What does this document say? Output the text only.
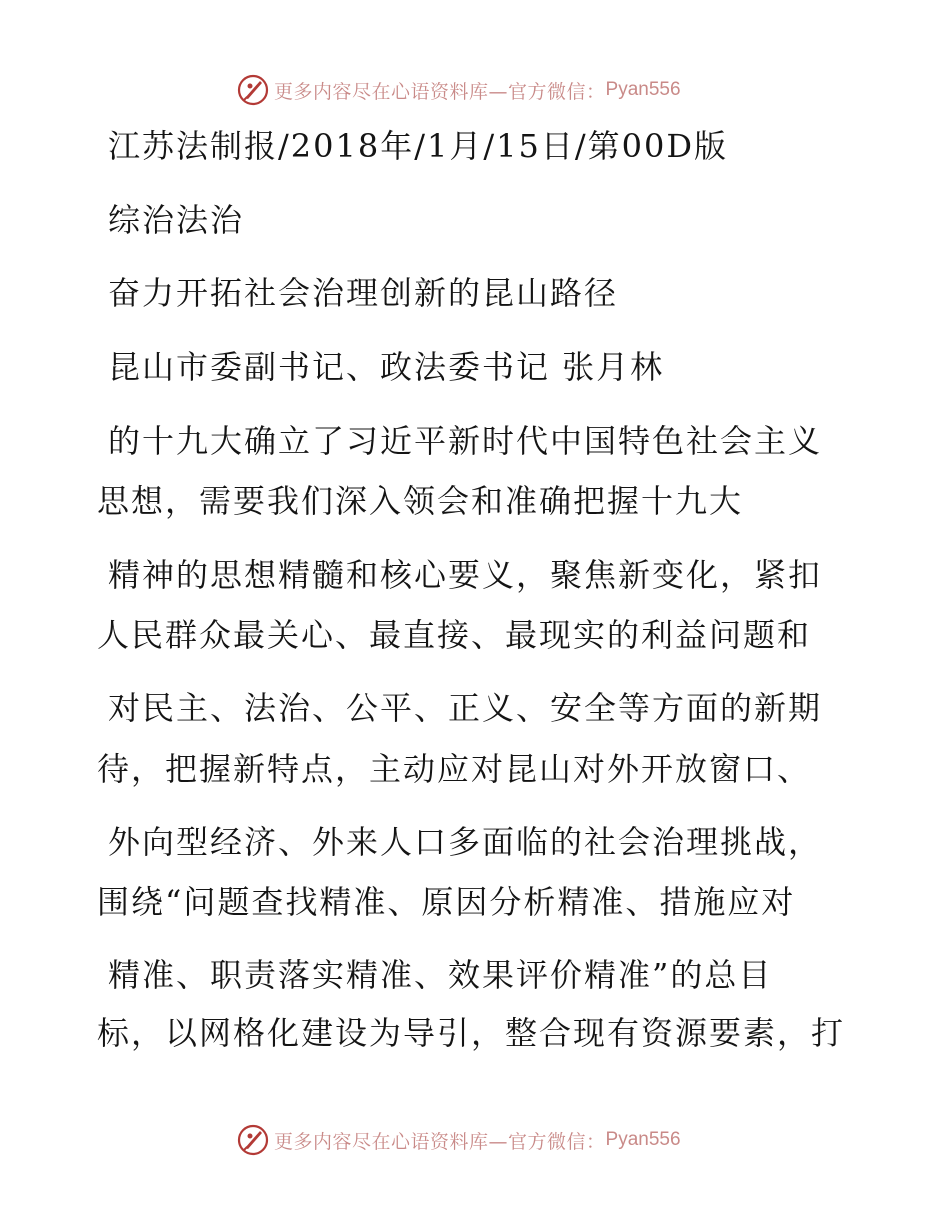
更多内容尽在心语资料库—官方微信： Pyan556
江苏法制报/2018年/1月/15日/第00D版
综治法治
奋力开拓社会治理创新的昆山路径
昆山市委副书记、政法委书记 张月林
的十九大确立了习近平新时代中国特色社会主义
思想，需要我们深入领会和准确把握十九大
精神的思想精髓和核心要义，聚焦新变化，紧扣
人民群众最关心、最直接、最现实的利益问题和
对民主、法治、公平、正义、安全等方面的新期
待，把握新特点，主动应对昆山对外开放窗口、
外向型经济、外来人口多面临的社会治理挑战，
围绕“问题查找精准、原因分析精准、措施应对
精准、职责落实精准、效果评价精准”的总目
标，以网格化建设为导引，整合现有资源要素，打
更多内容尽在心语资料库—官方微信： Pyan556
